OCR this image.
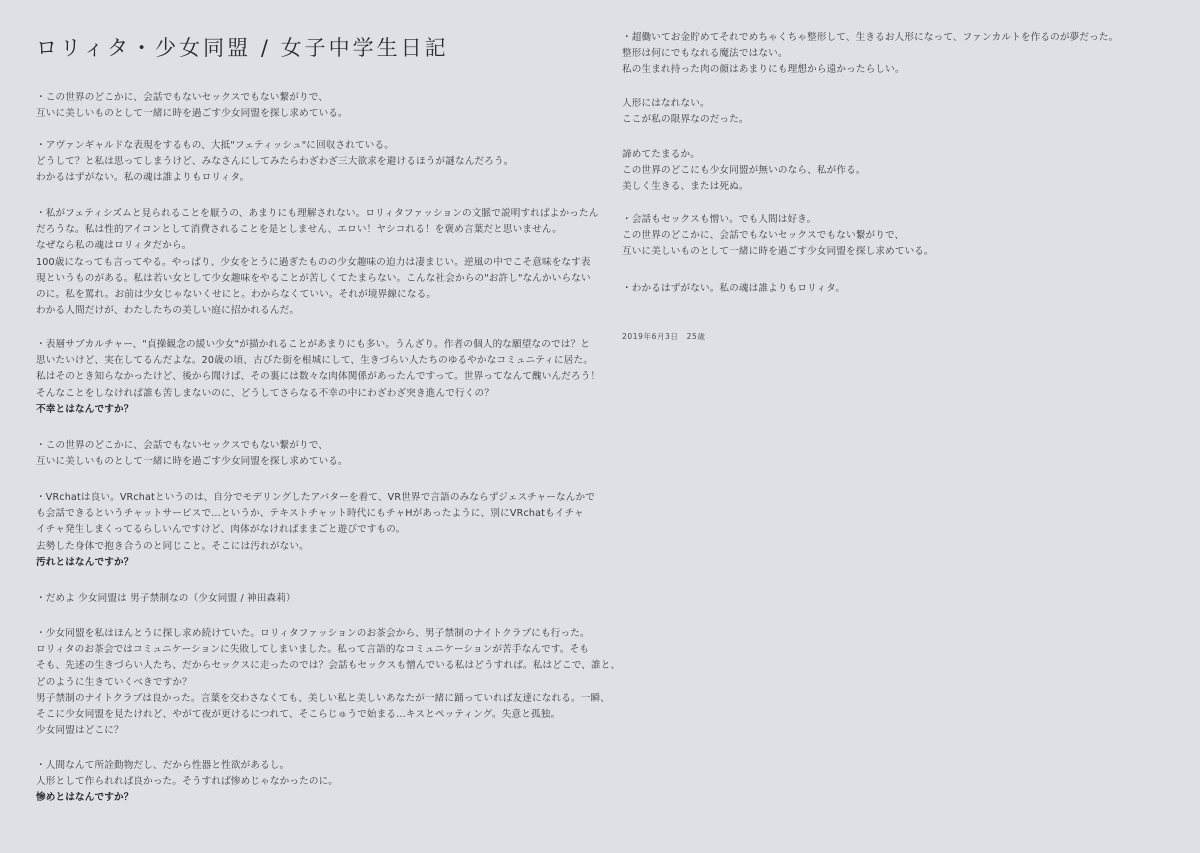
ロリィタ・少女同盟 / 女子中学生日記
・この世界のどこかに、会話でもないセックスでもない繋がりで、
互いに美しいものとして一緒に時を過ごす少女同盟を探し求めている。
・アヴァンギャルドな表現をするもの、大抵"フェティッシュ"に回収されている。
どうして？と私は思ってしまうけど、みなさんにしてみたらわざわざ三大欲求を避けるほうが謎なんだろう。
わかるはずがない。私の魂は誰よりもロリィタ。
・私がフェティシズムと見られることを厭うの、あまりにも理解されない。ロリィタファッションの文脈で説明すればよかったん
だろうな。私は性的アイコンとして消費されることを是としません、エロい！ヤシコれる！を褒め言葉だと思いません。
なぜなら私の魂はロリィタだから。
100歳になっても言ってやる。やっぱり、少女をとうに過ぎたものの少女趣味の迫力は凄まじい。逆風の中でこそ意味をなす表
現というものがある。私は若い女として少女趣味をやることが苦しくてたまらない。こんな社会からの"お許し"なんかいらない
のに。私を罵れ。お前は少女じゃないくせにと。わからなくていい。それが境界線になる。
わかる人間だけが、わたしたちの美しい庭に招かれるんだ。
・表層サブカルチャー、"貞操観念の緩い少女"が描かれることがあまりにも多い。うんざり。作者の個人的な願望なのでは？と
思いたいけど、実在してるんだよな。20歳の頃、古びた街を根城にして、生きづらい人たちのゆるやかなコミュニティに居た。
私はそのとき知らなかったけど、後から聞けば、その裏には数々な肉体関係があったんですって。世界ってなんて醜いんだろう！
そんなことをしなければ誰も苦しまないのに、どうしてさらなる不幸の中にわざわざ突き進んで行くの？
不幸とはなんですか？
・この世界のどこかに、会話でもないセックスでもない繋がりで、
互いに美しいものとして一緒に時を過ごす少女同盟を探し求めている。
・VRchatは良い。VRchatというのは、自分でモデリングしたアバターを着て、VR世界で言語のみならずジェスチャーなんかで
も会話できるというチャットサービスで…というか、テキストチャット時代にもチャHがあったように、別にVRchatもイチャ
イチャ発生しまくってるらしいんですけど、肉体がなければままごと遊びですもの。
去勢した身体で抱き合うのと同じこと。そこには汚れがない。
汚れとはなんですか？
・だめよ 少女同盟は 男子禁制なの（少女同盟 / 神田森莉）
・少女同盟を私はほんとうに探し求め続けていた。ロリィタファッションのお茶会から、男子禁制のナイトクラブにも行った。
ロリィタのお茶会ではコミュニケーションに失敗してしまいました。私って言語的なコミュニケーションが苦手なんです。そも
そも、先述の生きづらい人たち、だからセックスに走ったのでは？会話もセックスも憎んでいる私はどうすれば。私はどこで、誰と、
どのように生きていくべきですか？
男子禁制のナイトクラブは良かった。言葉を交わさなくても、美しい私と美しいあなたが一緒に踊っていれば友達になれる。一瞬、
そこに少女同盟を見たけれど、やがて夜が更けるにつれて、そこらじゅうで始まる…キスとペッティング。失意と孤独。
少女同盟はどこに？
・人間なんて所詮動物だし、だから性器と性欲があるし。
人形として作られれば良かった。そうすれば惨めじゃなかったのに。
惨めとはなんですか？
・超働いてお金貯めてそれでめちゃくちゃ整形して、生きるお人形になって、ファンカルトを作るのが夢だった。
整形は何にでもなれる魔法ではない。
私の生まれ持った肉の顔はあまりにも理想から遠かったらしい。
人形にはなれない。
ここが私の限界なのだった。
諦めてたまるか。
この世界のどこにも少女同盟が無いのなら、私が作る。
美しく生きる、または死ぬ。
・会話もセックスも憎い。でも人間は好き。
この世界のどこかに、会話でもないセックスでもない繋がりで、
互いに美しいものとして一緒に時を過ごす少女同盟を探し求めている。
・わかるはずがない。私の魂は誰よりもロリィタ。
2019年6月3日　25歳
